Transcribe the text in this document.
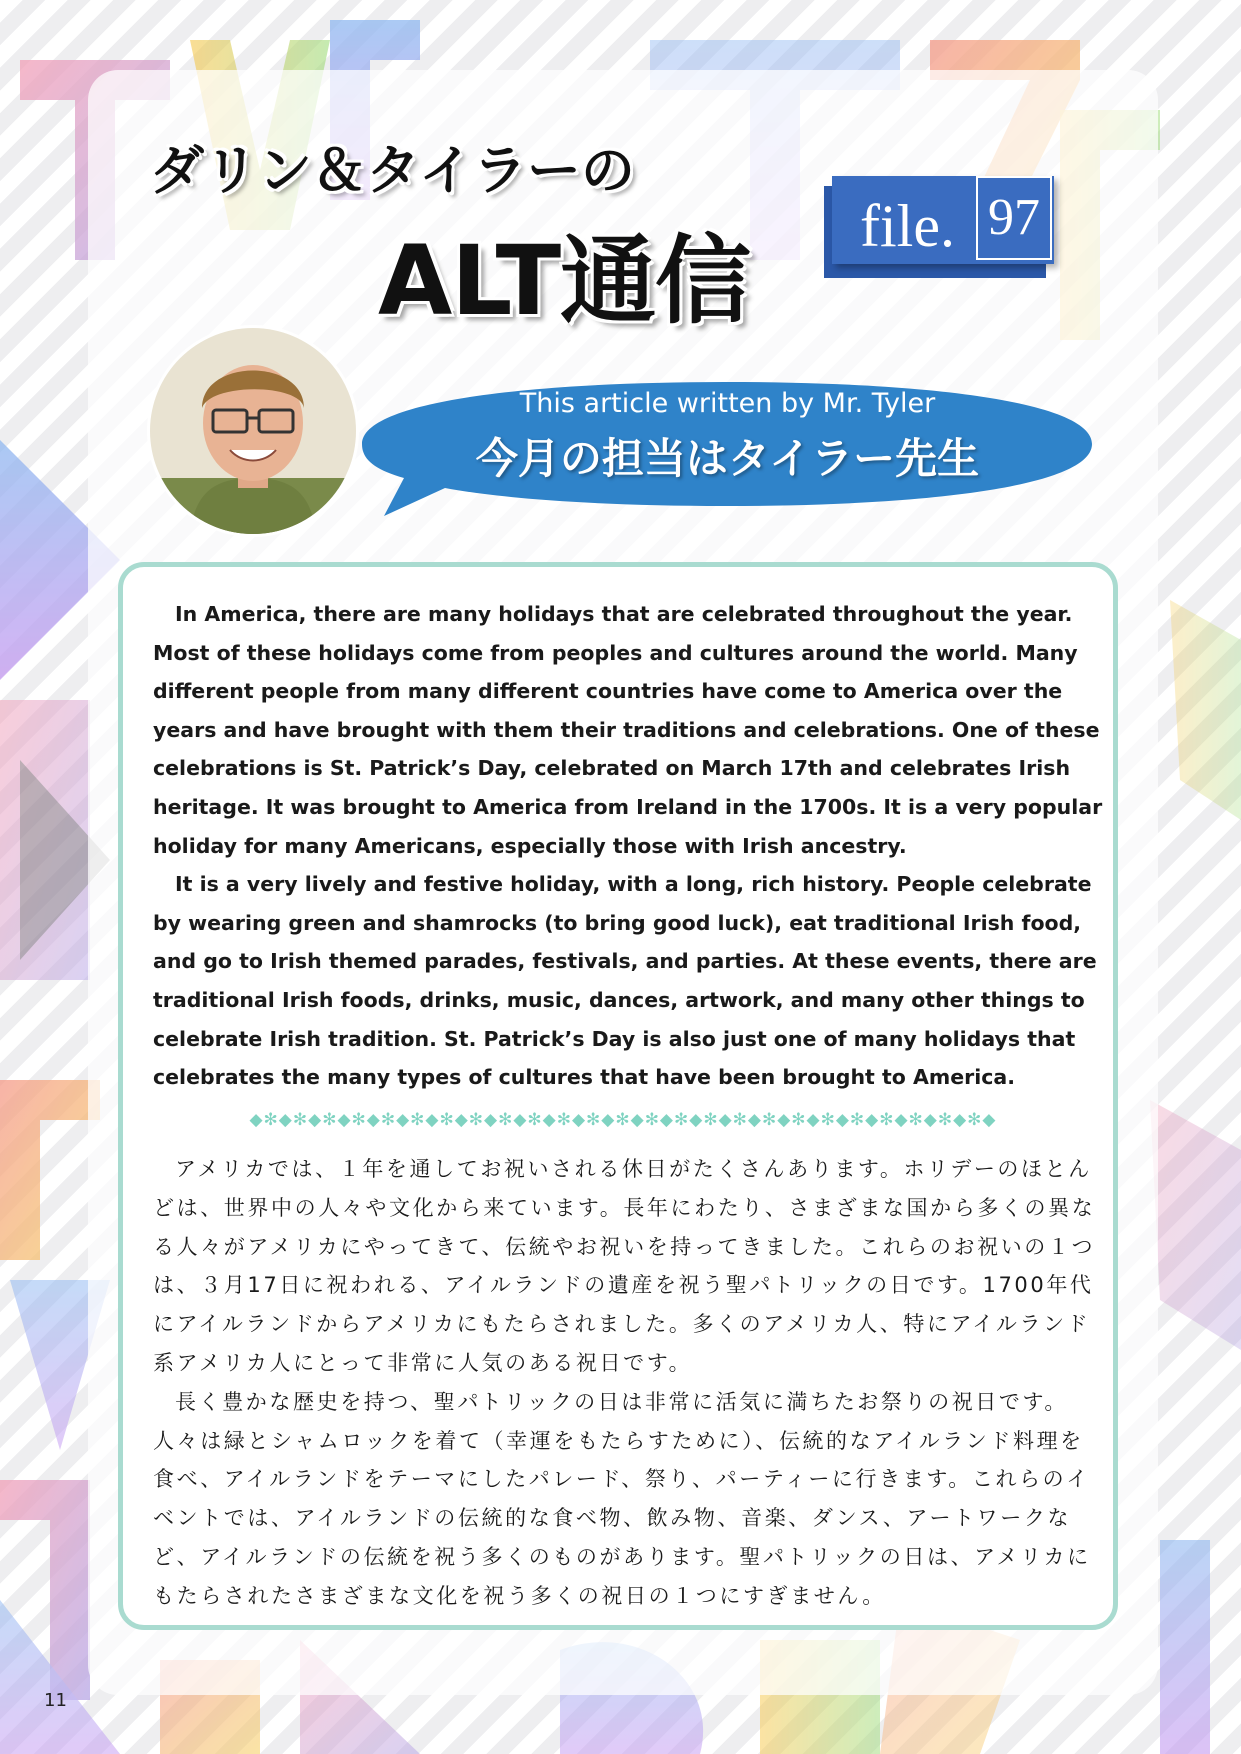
ダリン＆タイラーの
ALT通信 file. 97
This article written by Mr. Tyler
今月の担当はタイラー先生

In America, there are many holidays that are celebrated throughout the year. Most of these holidays come from peoples and cultures around the world. Many different people from many different countries have come to America over the years and have brought with them their traditions and celebrations. One of these celebrations is St. Patrick’s Day, celebrated on March 17th and celebrates Irish heritage. It was brought to America from Ireland in the 1700s. It is a very popular holiday for many Americans, especially those with Irish ancestry.

It is a very lively and festive holiday, with a long, rich history. People celebrate by wearing green and shamrocks (to bring good luck), eat traditional Irish food, and go to Irish themed parades, festivals, and parties. At these events, there are traditional Irish foods, drinks, music, dances, artwork, and many other things to celebrate Irish tradition. St. Patrick’s Day is also just one of many holidays that celebrates the many types of cultures that have been brought to America.

◆✻◆✻◆✻◆✻◆✻◆✻◆✻◆✻◆✻◆✻◆✻◆✻◆✻◆✻◆✻◆✻◆✻◆✻◆✻◆✻◆✻◆✻◆✻◆✻◆✻◆

アメリカでは、１年を通してお祝いされる休日がたくさんあります。ホリデーのほとんどは、世界中の人々や文化から来ています。長年にわたり、さまざまな国から多くの異なる人々がアメリカにやってきて、伝統やお祝いを持ってきました。これらのお祝いの１つは、３月17日に祝われる、アイルランドの遺産を祝う聖パトリックの日です。1700年代にアイルランドからアメリカにもたらされました。多くのアメリカ人、特にアイルランド系アメリカ人にとって非常に人気のある祝日です。

長く豊かな歴史を持つ、聖パトリックの日は非常に活気に満ちたお祭りの祝日です。人々は緑とシャムロックを着て（幸運をもたらすために）、伝統的なアイルランド料理を食べ、アイルランドをテーマにしたパレード、祭り、パーティーに行きます。これらのイベントでは、アイルランドの伝統的な食べ物、飲み物、音楽、ダンス、アートワークなど、アイルランドの伝統を祝う多くのものがあります。聖パトリックの日は、アメリカにもたらされたさまざまな文化を祝う多くの祝日の１つにすぎません。

11
